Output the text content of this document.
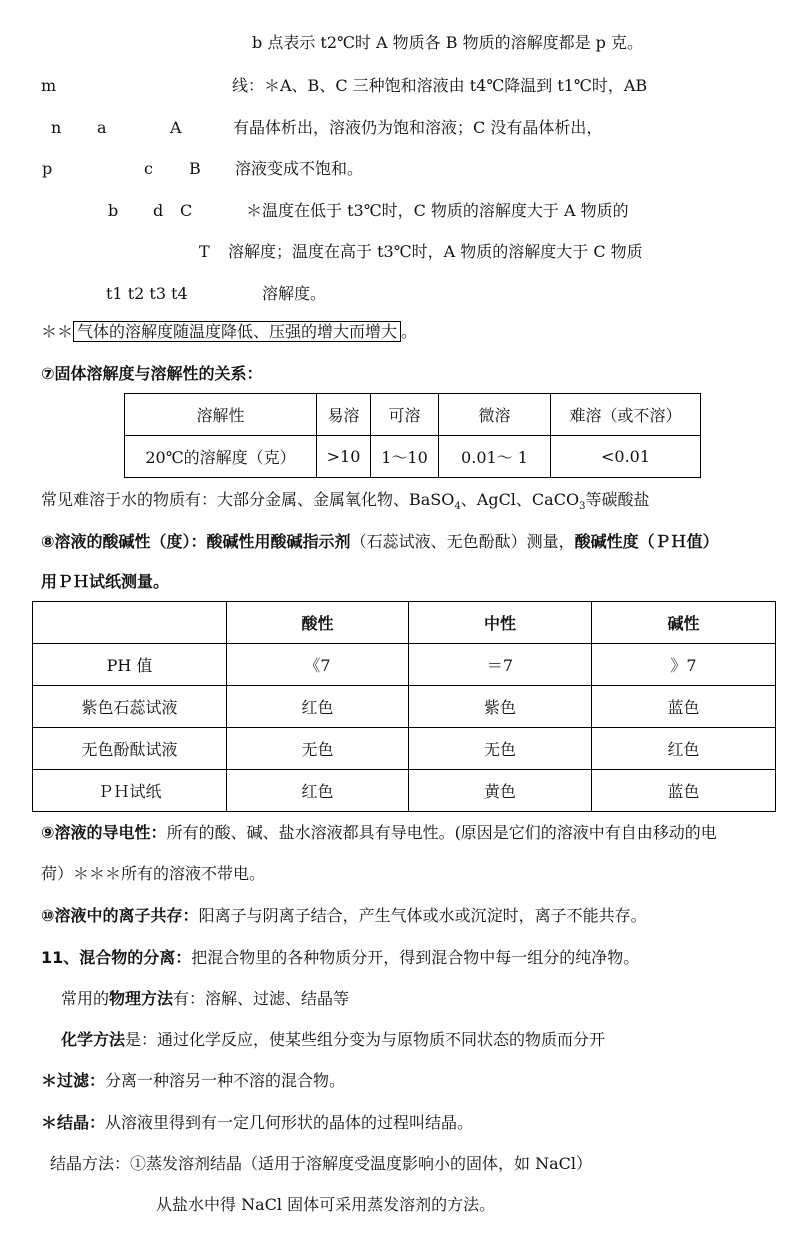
b 点表示 t2℃时 A 物质各 B 物质的溶解度都是 p 克。
m	线：＊A、B、C 三种饱和溶液由 t4℃降温到 t1℃时，AB
n a	A	有晶体析出，溶液仍为饱和溶液；C 没有晶体析出，
p	c B 溶液变成不饱和。
b d C	＊温度在低于 t3℃时，C 物质的溶解度大于 A 物质的
T 溶解度；温度在高于 t3℃时，A 物质的溶解度大于 C 物质
t1 t2 t3 t4	溶解度。
＊＊ 气体的溶解度随温度降低、压强的增大而增大 。
⑦固体溶解度与溶解性的关系：
溶解性	易溶	可溶	微溶	难溶（或不溶）
20℃的溶解度（克）	>10	1～10	0.01～ 1	<0.01
常见难溶于水的物质有：大部分金属、金属氧化物、BaSO$_4$、AgCl、CaCO$_3$等碳酸盐
⑧溶液的酸碱性（度）：酸碱性用酸碱指示剂（石蕊试液、无色酚酞）测量，酸碱性度（ＰＨ值）
用ＰＨ试纸测量。
	酸性	中性	碱性
PH 值	《7	＝7	》7
紫色石蕊试液	红色	紫色	蓝色
无色酚酞试液	无色	无色	红色
ＰＨ试纸	红色	黄色	蓝色
⑨溶液的导电性：所有的酸、碱、盐水溶液都具有导电性。(原因是它们的溶液中有自由移动的电
荷）＊＊＊所有的溶液不带电。
⑩溶液中的离子共存：阳离子与阴离子结合，产生气体或水或沉淀时，离子不能共存。
11、混合物的分离：把混合物里的各种物质分开，得到混合物中每一组分的纯净物。
常用的物理方法有：溶解、过滤、结晶等
化学方法是：通过化学反应，使某些组分变为与原物质不同状态的物质而分开
＊过滤：分离一种溶另一种不溶的混合物。
＊结晶：从溶液里得到有一定几何形状的晶体的过程叫结晶。
结晶方法：①蒸发溶剂结晶（适用于溶解度受温度影响小的固体，如 NaCl）
从盐水中得 NaCl 固体可采用蒸发溶剂的方法。
